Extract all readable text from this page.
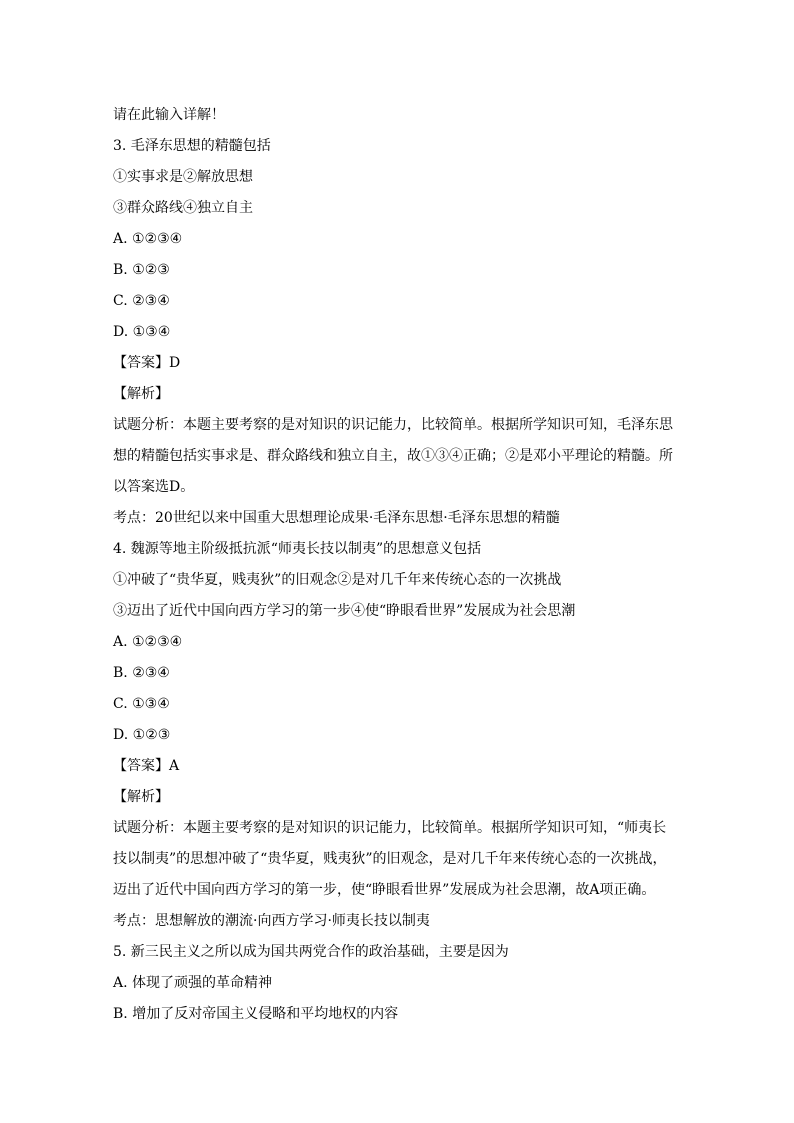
请在此输入详解！
3. 毛泽东思想的精髓包括
①实事求是②解放思想
③群众路线④独立自主
A. ①②③④
B. ①②③
C. ②③④
D. ①③④
【答案】D
【解析】
试题分析：本题主要考察的是对知识的识记能力，比较简单。根据所学知识可知，毛泽东思
想的精髓包括实事求是、群众路线和独立自主，故①③④正确；②是邓小平理论的精髓。所
以答案选D。
考点：20世纪以来中国重大思想理论成果·毛泽东思想·毛泽东思想的精髓
4. 魏源等地主阶级抵抗派“师夷长技以制夷”的思想意义包括
①冲破了“贵华夏，贱夷狄”的旧观念②是对几千年来传统心态的一次挑战
③迈出了近代中国向西方学习的第一步④使“睁眼看世界”发展成为社会思潮
A. ①②③④
B. ②③④
C. ①③④
D. ①②③
【答案】A
【解析】
试题分析：本题主要考察的是对知识的识记能力，比较简单。根据所学知识可知，“师夷长
技以制夷”的思想冲破了“贵华夏，贱夷狄”的旧观念，是对几千年来传统心态的一次挑战，
迈出了近代中国向西方学习的第一步，使“睁眼看世界”发展成为社会思潮，故A项正确。
考点：思想解放的潮流·向西方学习·师夷长技以制夷
5. 新三民主义之所以成为国共两党合作的政治基础，主要是因为
A. 体现了顽强的革命精神
B. 增加了反对帝国主义侵略和平均地权的内容
